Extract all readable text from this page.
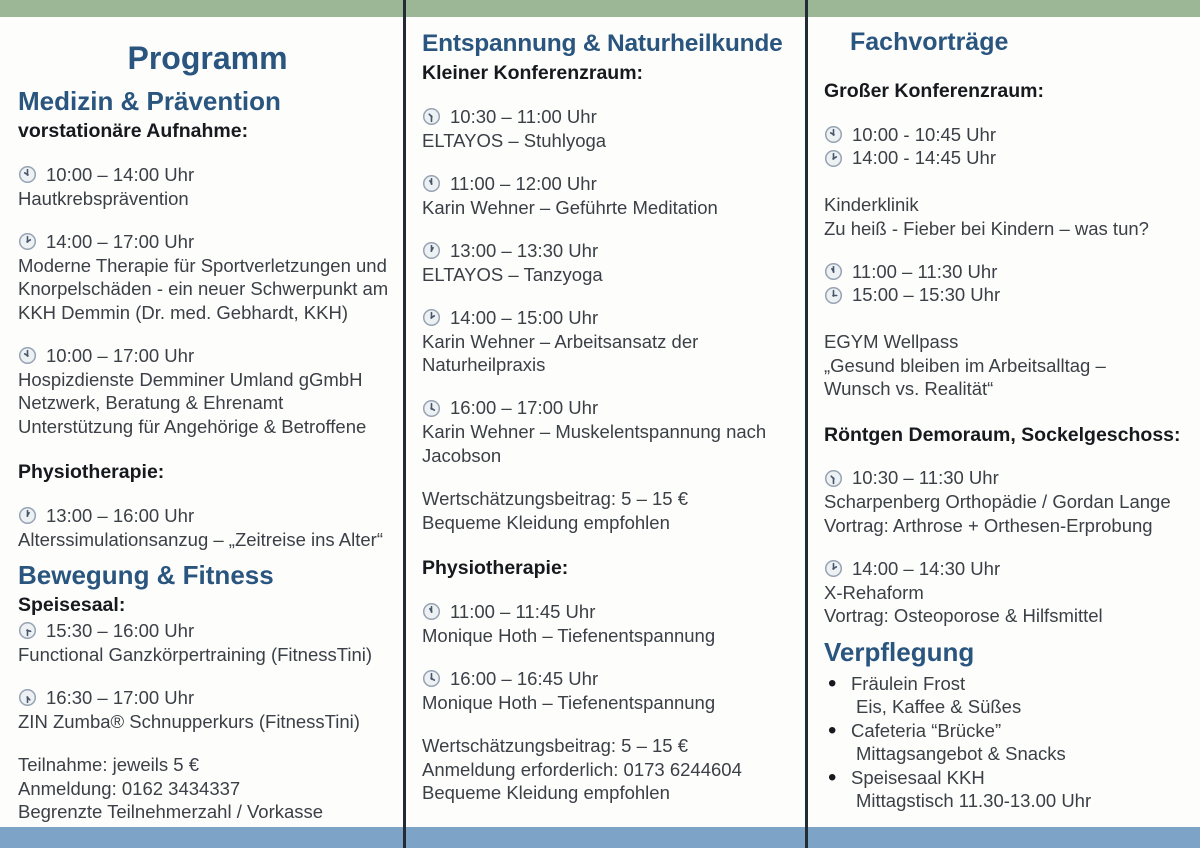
Programm
Medizin & Prävention
vorstationäre Aufnahme:
10:00 – 14:00 Uhr
Hautkrebsprävention
14:00 – 17:00 Uhr
Moderne Therapie für Sportverletzungen und
Knorpelschäden - ein neuer Schwerpunkt am
KKH Demmin (Dr. med. Gebhardt, KKH)
10:00 – 17:00 Uhr
Hospizdienste Demminer Umland gGmbH
Netzwerk, Beratung & Ehrenamt
Unterstützung für Angehörige & Betroffene
Physiotherapie:
13:00 – 16:00 Uhr
Alterssimulationsanzug – „Zeitreise ins Alter“
Bewegung & Fitness
Speisesaal:
15:30 – 16:00 Uhr
Functional Ganzkörpertraining (FitnessTini)
16:30 – 17:00 Uhr
ZIN Zumba® Schnupperkurs (FitnessTini)
Teilnahme: jeweils 5 €
Anmeldung: 0162 3434337
Begrenzte Teilnehmerzahl / Vorkasse
Entspannung & Naturheilkunde
Kleiner Konferenzraum:
10:30 – 11:00 Uhr
ELTAYOS – Stuhlyoga
11:00 – 12:00 Uhr
Karin Wehner – Geführte Meditation
13:00 – 13:30 Uhr
ELTAYOS – Tanzyoga
14:00 – 15:00 Uhr
Karin Wehner – Arbeitsansatz der
Naturheilpraxis
16:00 – 17:00 Uhr
Karin Wehner – Muskelentspannung nach
Jacobson
Wertschätzungsbeitrag: 5 – 15 €
Bequeme Kleidung empfohlen
Physiotherapie:
11:00 – 11:45 Uhr
Monique Hoth – Tiefenentspannung
16:00 – 16:45 Uhr
Monique Hoth – Tiefenentspannung
Wertschätzungsbeitrag: 5 – 15 €
Anmeldung erforderlich: 0173 6244604
Bequeme Kleidung empfohlen
Fachvorträge
Großer Konferenzraum:
10:00 - 10:45 Uhr
14:00 - 14:45 Uhr
Kinderklinik
Zu heiß - Fieber bei Kindern – was tun?
11:00 – 11:30 Uhr
15:00 – 15:30 Uhr
EGYM Wellpass
„Gesund bleiben im Arbeitsalltag –
Wunsch vs. Realität“
Röntgen Demoraum, Sockelgeschoss:
10:30 – 11:30 Uhr
Scharpenberg Orthopädie / Gordan Lange
Vortrag: Arthrose + Orthesen-Erprobung
14:00 – 14:30 Uhr
X-Rehaform
Vortrag: Osteoporose & Hilfsmittel
Verpflegung
• Fräulein Frost
Eis, Kaffee & Süßes
• Cafeteria “Brücke”
Mittagsangebot & Snacks
• Speisesaal KKH
Mittagstisch 11.30-13.00 Uhr
